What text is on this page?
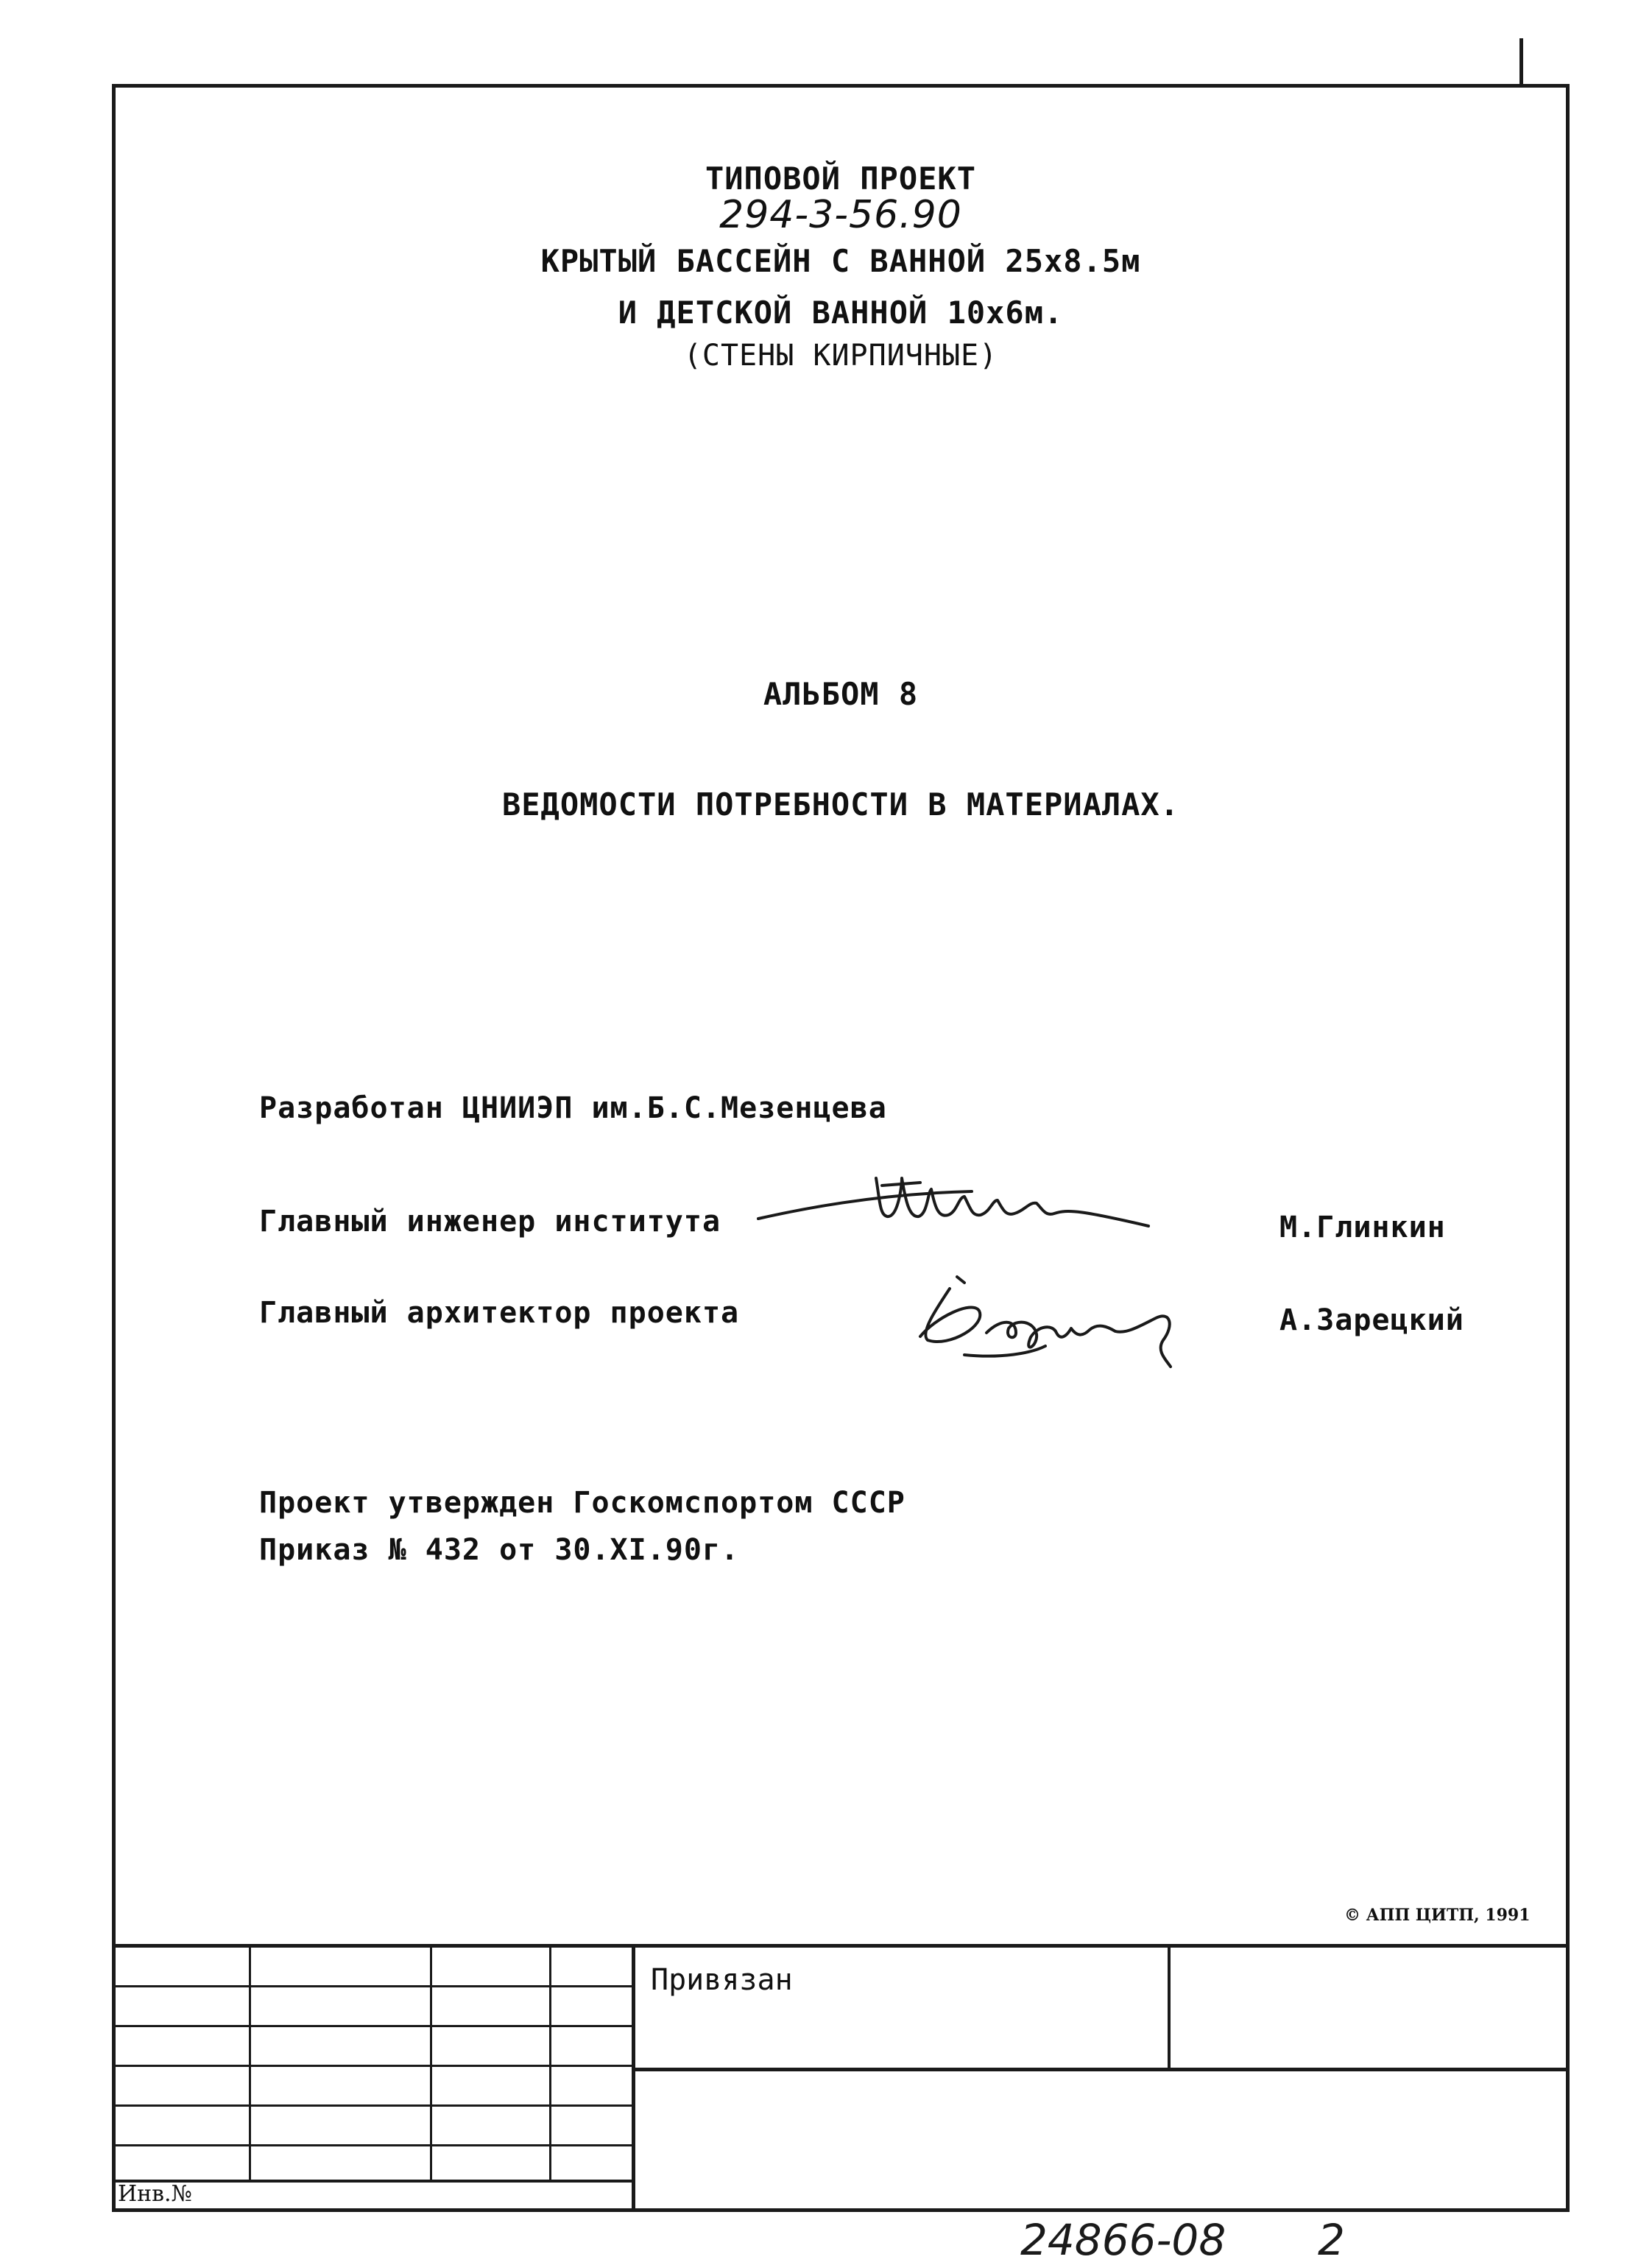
ТИПОВОЙ ПРОЕКТ
294-3-56.90
КРЫТЫЙ БАССЕЙН С ВАННОЙ 25х8.5м
И ДЕТСКОЙ ВАННОЙ 10х6м.
(СТЕНЫ КИРПИЧНЫЕ)
АЛЬБОМ 8
ВЕДОМОСТИ ПОТРЕБНОСТИ В МАТЕРИАЛАХ.
Разработан ЦНИИЭП им.Б.С.Мезенцева
Главный инженер института	М.Глинкин
Главный архитектор проекта	А.Зарецкий
Проект утвержден Госкомспортом СССР
Приказ № 432 от 30.XI.90г.
© АПП ЦИТП, 1991
Привязан
Инв.№
24866-08 2
